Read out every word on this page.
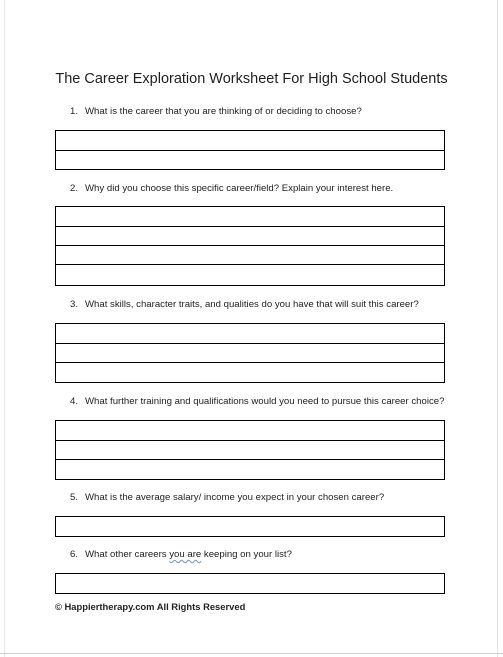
The Career Exploration Worksheet For High School Students
1. What is the career that you are thinking of or deciding to choose?
2. Why did you choose this specific career/field? Explain your interest here.
3. What skills, character traits, and qualities do you have that will suit this career?
4. What further training and qualifications would you need to pursue this career choice?
5. What is the average salary/ income you expect in your chosen career?
6. What other careers you are keeping on your list?
© Happiertherapy.com All Rights Reserved
